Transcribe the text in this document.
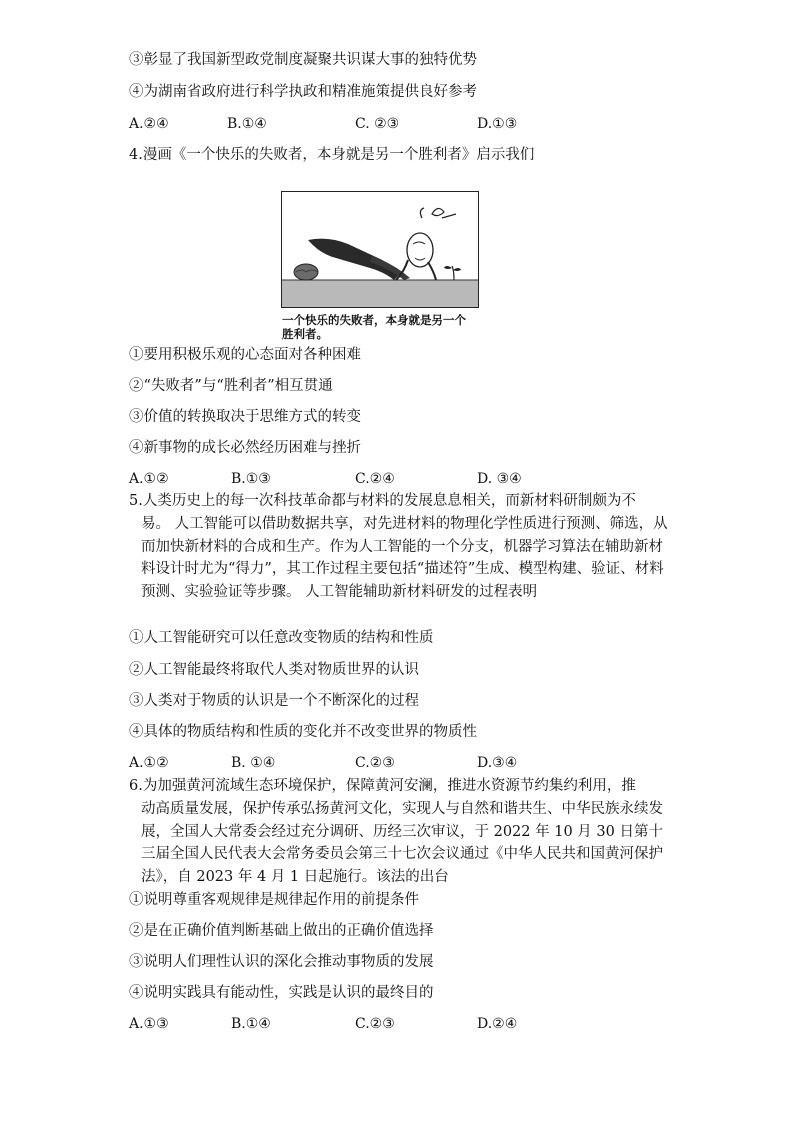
③彰显了我国新型政党制度凝聚共识谋大事的独特优势
④为湖南省政府进行科学执政和精准施策提供良好参考
A.②④	B.①④	C. ②③	D.①③
4.漫画《一个快乐的失败者，本身就是另一个胜利者》启示我们
一个快乐的失败者，本身就是另一个
胜利者。
①要用积极乐观的心态面对各种困难
②“失败者”与“胜利者”相互贯通
③价值的转换取决于思维方式的转变
④新事物的成长必然经历困难与挫折
A.①②	B.①③	C.②④	D. ③④
5.人类历史上的每一次科技革命都与材料的发展息息相关，而新材料研制颇为不
易。 人工智能可以借助数据共享，对先进材料的物理化学性质进行预测、筛选，从而加快新材料的合成和生产。作为人工智能的一个分支，机器学习算法在辅助新材料设计时尤为“得力”，其工作过程主要包括“描述符”生成、模型构建、验证、材料预测、实验验证等步骤。 人工智能辅助新材料研发的过程表明
①人工智能研究可以任意改变物质的结构和性质
②人工智能最终将取代人类对物质世界的认识
③人类对于物质的认识是一个不断深化的过程
④具体的物质结构和性质的变化并不改变世界的物质性
A.①②	B. ①④	C.②③	D.③④
6.为加强黄河流域生态环境保护，保障黄河安澜，推进水资源节约集约利用，推
动高质量发展，保护传承弘扬黄河文化，实现人与自然和谐共生、中华民族永续发展，全国人大常委会经过充分调研、历经三次审议，于 2022 年 10 月 30 日第十三届全国人民代表大会常务委员会第三十七次会议通过《中华人民共和国黄河保护法》，自 2023 年 4 月 1 日起施行。该法的出台
①说明尊重客观规律是规律起作用的前提条件
②是在正确价值判断基础上做出的正确价值选择
③说明人们理性认识的深化会推动事物质的发展
④说明实践具有能动性，实践是认识的最终目的
A.①③	B.①④	C.②③	D.②④
